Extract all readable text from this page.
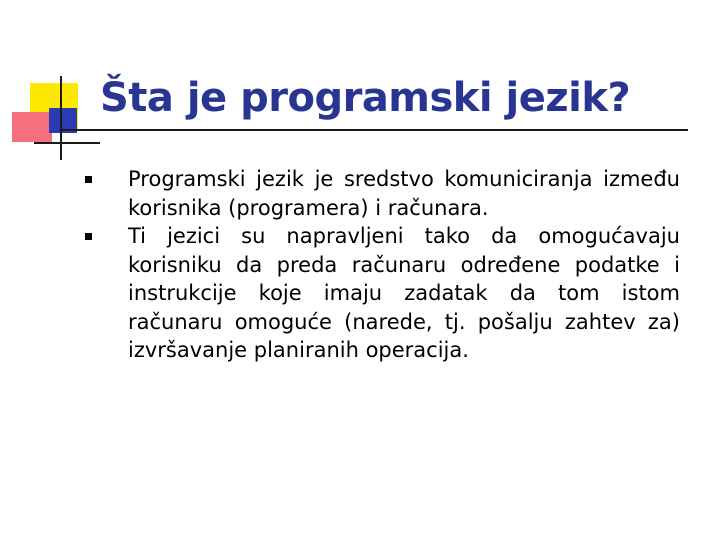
Šta je programski jezik?
Programski jezik je sredstvo komuniciranja između korisnika (programera) i računara.
Ti jezici su napravljeni tako da omogućavaju korisniku da preda računaru određene podatke i instrukcije koje imaju zadatak da tom istom računaru omoguće (narede, tj. pošalju zahtev za) izvršavanje planiranih operacija.
